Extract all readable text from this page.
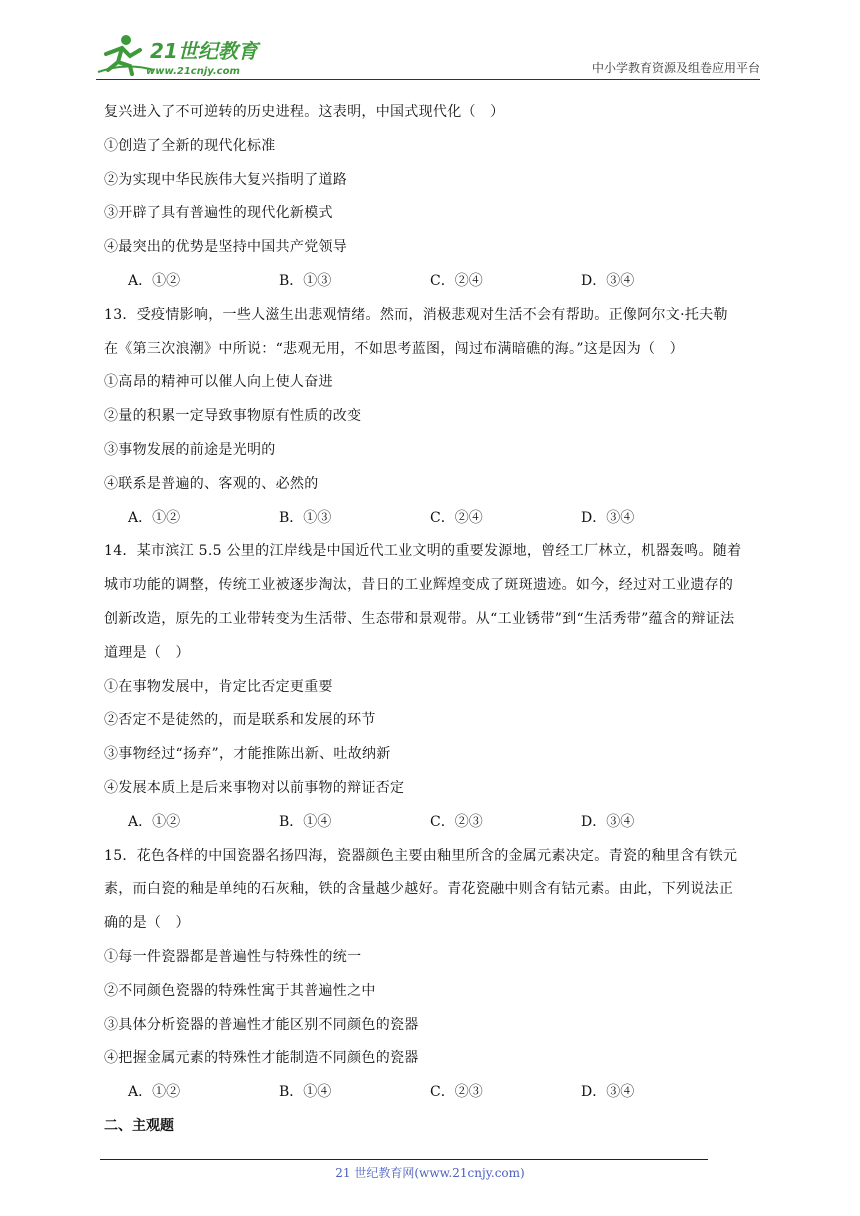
21世纪教育
www.21cnjy.com	中小学教育资源及组卷应用平台
复兴进入了不可逆转的历史进程。这表明，中国式现代化（　）
①创造了全新的现代化标准
②为实现中华民族伟大复兴指明了道路
③开辟了具有普遍性的现代化新模式
④最突出的优势是坚持中国共产党领导
A．①②	B．①③	C．②④	D．③④
13．受疫情影响，一些人滋生出悲观情绪。然而，消极悲观对生活不会有帮助。正像阿尔文·托夫勒
在《第三次浪潮》中所说：“悲观无用，不如思考蓝图，闯过布满暗礁的海。”这是因为（　）
①高昂的精神可以催人向上使人奋进
②量的积累一定导致事物原有性质的改变
③事物发展的前途是光明的
④联系是普遍的、客观的、必然的
A．①②	B．①③	C．②④	D．③④
14．某市滨江 5.5 公里的江岸线是中国近代工业文明的重要发源地，曾经工厂林立，机器轰鸣。随着
城市功能的调整，传统工业被逐步淘汰，昔日的工业辉煌变成了斑斑遗迹。如今，经过对工业遗存的
创新改造，原先的工业带转变为生活带、生态带和景观带。从“工业锈带”到“生活秀带”蕴含的辩证法
道理是（　）
①在事物发展中，肯定比否定更重要
②否定不是徒然的，而是联系和发展的环节
③事物经过“扬弃”，才能推陈出新、吐故纳新
④发展本质上是后来事物对以前事物的辩证否定
A．①②	B．①④	C．②③	D．③④
15．花色各样的中国瓷器名扬四海，瓷器颜色主要由釉里所含的金属元素决定。青瓷的釉里含有铁元
素，而白瓷的釉是单纯的石灰釉，铁的含量越少越好。青花瓷融中则含有钴元素。由此，下列说法正
确的是（　）
①每一件瓷器都是普遍性与特殊性的统一
②不同颜色瓷器的特殊性寓于其普遍性之中
③具体分析瓷器的普遍性才能区别不同颜色的瓷器
④把握金属元素的特殊性才能制造不同颜色的瓷器
A．①②	B．①④	C．②③	D．③④
二、主观题
21 世纪教育网(www.21cnjy.com)
